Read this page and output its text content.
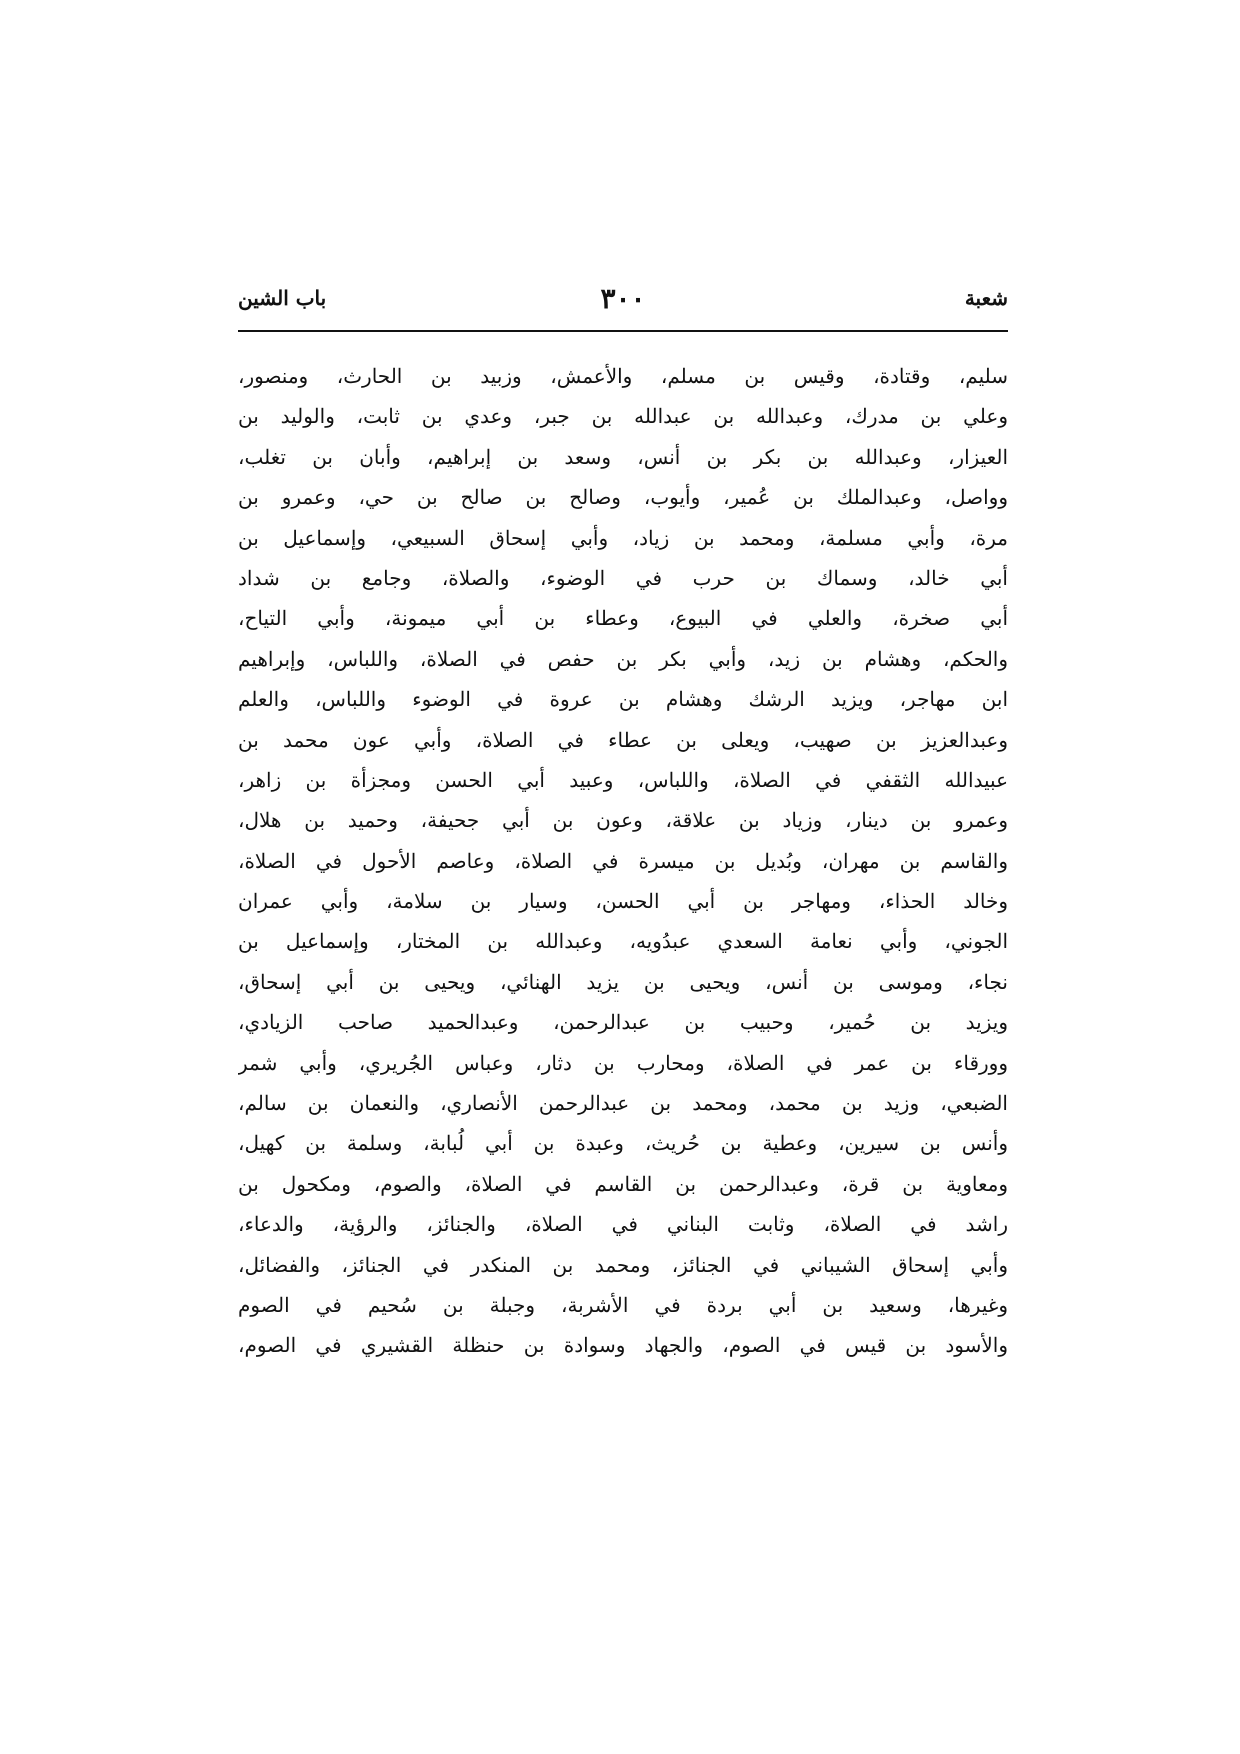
شعبة
٣٠٠
باب الشين
سليم، وقتادة، وقيس بن مسلم، والأعمش، وزبيد بن الحارث، ومنصور،
وعلي بن مدرك، وعبدالله بن عبدالله بن جبر، وعدي بن ثابت، والوليد بن
العيزار، وعبدالله بن بكر بن أنس، وسعد بن إبراهيم، وأبان بن تغلب،
وواصل، وعبدالملك بن عُمير، وأيوب، وصالح بن صالح بن حي، وعمرو بن
مرة، وأبي مسلمة، ومحمد بن زياد، وأبي إسحاق السبيعي، وإسماعيل بن
أبي خالد، وسماك بن حرب في الوضوء، والصلاة، وجامع بن شداد
أبي صخرة، والعلي في البيوع، وعطاء بن أبي ميمونة، وأبي التياح،
والحكم، وهشام بن زيد، وأبي بكر بن حفص في الصلاة، واللباس، وإبراهيم
ابن مهاجر، ويزيد الرشك وهشام بن عروة في الوضوء واللباس، والعلم
وعبدالعزيز بن صهيب، ويعلى بن عطاء في الصلاة، وأبي عون محمد بن
عبيدالله الثقفي في الصلاة، واللباس، وعبيد أبي الحسن ومجزأة بن زاهر،
وعمرو بن دينار، وزياد بن علاقة، وعون بن أبي جحيفة، وحميد بن هلال،
والقاسم بن مهران، وبُديل بن ميسرة في الصلاة، وعاصم الأحول في الصلاة،
وخالد الحذاء، ومهاجر بن أبي الحسن، وسيار بن سلامة، وأبي عمران
الجوني، وأبي نعامة السعدي عبدُويه، وعبدالله بن المختار، وإسماعيل بن
نجاء، وموسى بن أنس، ويحيى بن يزيد الهنائي، ويحيى بن أبي إسحاق،
ويزيد بن حُمير، وحبيب بن عبدالرحمن، وعبدالحميد صاحب الزيادي،
وورقاء بن عمر في الصلاة، ومحارب بن دثار، وعباس الجُريري، وأبي شمر
الضبعي، وزيد بن محمد، ومحمد بن عبدالرحمن الأنصاري، والنعمان بن سالم،
وأنس بن سيرين، وعطية بن حُريث، وعبدة بن أبي لُبابة، وسلمة بن كهيل،
ومعاوية بن قرة، وعبدالرحمن بن القاسم في الصلاة، والصوم، ومكحول بن
راشد في الصلاة، وثابت البناني في الصلاة، والجنائز، والرؤية، والدعاء،
وأبي إسحاق الشيباني في الجنائز، ومحمد بن المنكدر في الجنائز، والفضائل،
وغيرها، وسعيد بن أبي بردة في الأشربة، وجبلة بن سُحيم في الصوم
والأسود بن قيس في الصوم، والجهاد وسوادة بن حنظلة القشيري في الصوم،
